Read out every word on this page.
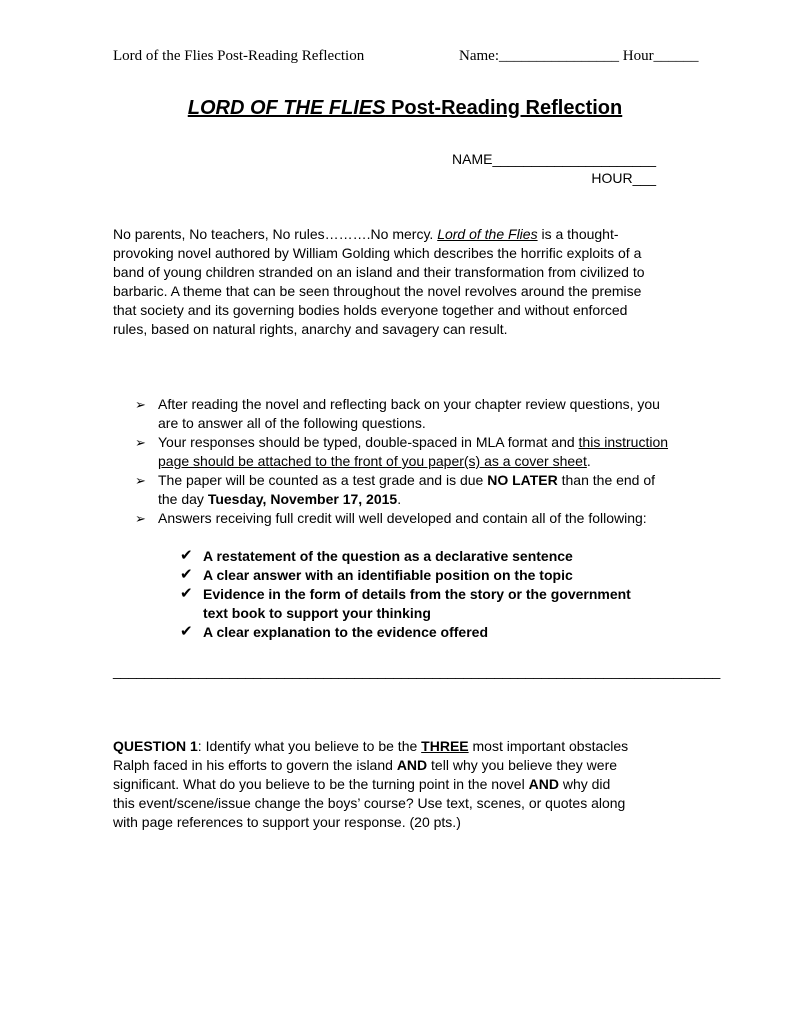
Lord of the Flies Post-Reading Reflection	Name:________________ Hour______
LORD OF THE FLIES Post-Reading Reflection
NAME_____________________
HOUR___
No parents, No teachers, No rules……….No mercy. Lord of the Flies is a thought-provoking novel authored by William Golding which describes the horrific exploits of a band of young children stranded on an island and their transformation from civilized to barbaric. A theme that can be seen throughout the novel revolves around the premise that society and its governing bodies holds everyone together and without enforced rules, based on natural rights, anarchy and savagery can result.
➢ After reading the novel and reflecting back on your chapter review questions, you are to answer all of the following questions.
➢ Your responses should be typed, double-spaced in MLA format and this instruction page should be attached to the front of you paper(s) as a cover sheet.
➢ The paper will be counted as a test grade and is due NO LATER than the end of the day Tuesday, November 17, 2015.
➢ Answers receiving full credit will well developed and contain all of the following:
✔ A restatement of the question as a declarative sentence
✔ A clear answer with an identifiable position on the topic
✔ Evidence in the form of details from the story or the government text book to support your thinking
✔ A clear explanation to the evidence offered
______________________________________________________________________________
QUESTION 1: Identify what you believe to be the THREE most important obstacles Ralph faced in his efforts to govern the island AND tell why you believe they were significant. What do you believe to be the turning point in the novel AND why did this event/scene/issue change the boys’ course? Use text, scenes, or quotes along with page references to support your response. (20 pts.)
